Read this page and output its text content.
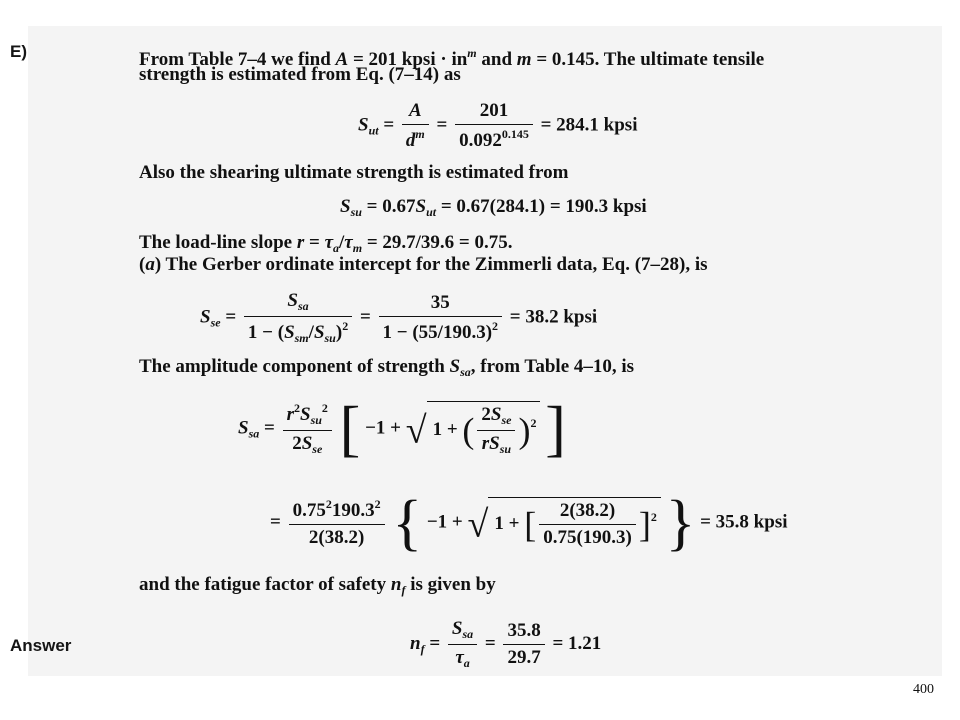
E)	From Table 7–4 we find A = 201 kpsi · $in^m$ and m = 0.145. The ultimate tensile
strength is estimated from Eq. (7–14) as
$S_{ut} = \frac{A}{d^m} = \frac{201}{0.092^{0.145}} = 284.1$ kpsi
Also the shearing ultimate strength is estimated from
$S_{su} = 0.67S_{ut} = 0.67(284.1) = 190.3$ kpsi
The load-line slope $r = \tau_a/\tau_m = 29.7/39.6 = 0.75$.
(a) The Gerber ordinate intercept for the Zimmerli data, Eq. (7–28), is
$S_{se} = \frac{S_{sa}}{1 - (S_{sm}/S_{su})^2} = \frac{35}{1 - (55/190.3)^2} = 38.2$ kpsi
The amplitude component of strength $S_{sa}$, from Table 4–10, is
$S_{sa} = \frac{r^2S_{su}^2}{2S_{se}}$ [ −1 + √ 1 + ( $\frac{2S_{se}}{rS_{su}} )^2$ ]
= $\frac{0.75^2190.3^2}{2(38.2)}$ { −1 + √ 1 + [ $\frac{2(38.2)}{0.75(190.3)} ]^2$ } = 35.8 kpsi
and the fatigue factor of safety $n_f$ is given by
Answer	$n_f = \frac{S_{sa}}{\tau_a} = \frac{35.8}{29.7} = 1.21$
400
